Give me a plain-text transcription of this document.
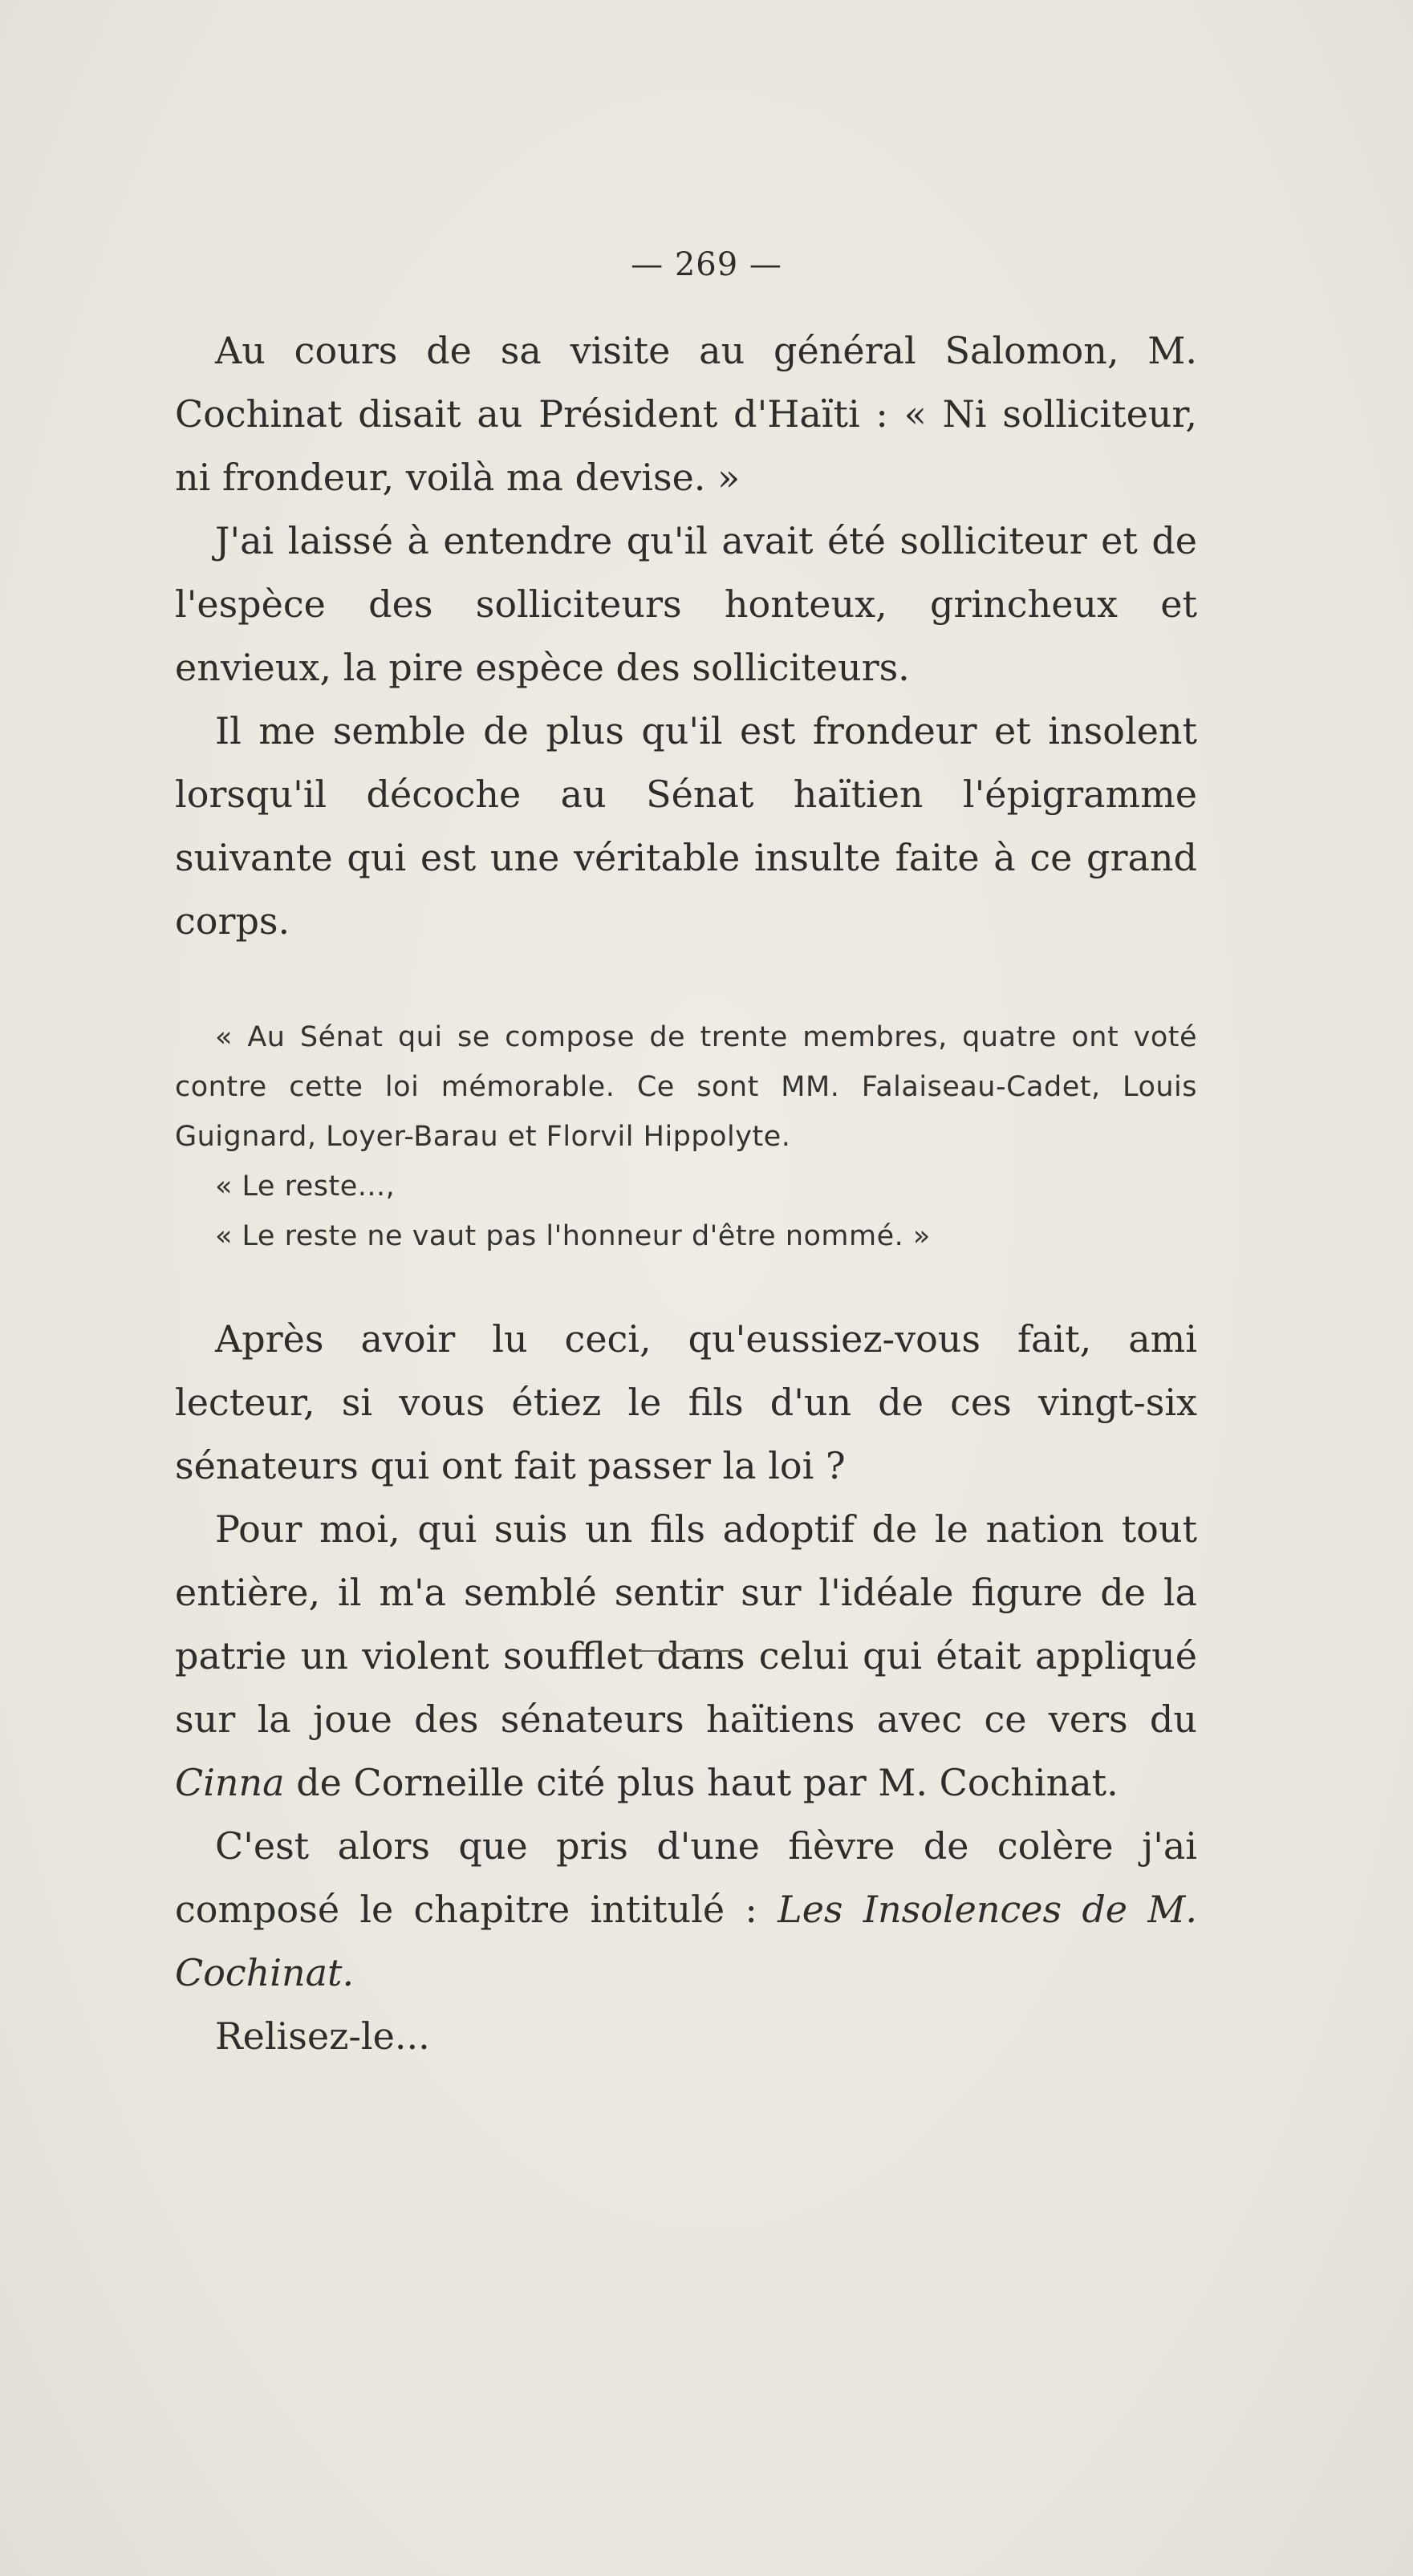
— 269 —

Au cours de sa visite au général Salomon, M. Cochinat disait au Président d'Haïti : « Ni solliciteur, ni frondeur, voilà ma devise. »

J'ai laissé à entendre qu'il avait été solliciteur et de l'espèce des solliciteurs honteux, grincheux et envieux, la pire espèce des solliciteurs.

Il me semble de plus qu'il est frondeur et insolent lorsqu'il décoche au Sénat haïtien l'épigramme suivante qui est une véritable insulte faite à ce grand corps.

« Au Sénat qui se compose de trente membres, quatre ont voté contre cette loi mémorable. Ce sont MM. Falaiseau-Cadet, Louis Guignard, Loyer-Barau et Florvil Hippolyte.

« Le reste...,

« Le reste ne vaut pas l'honneur d'être nommé. »

Après avoir lu ceci, qu'eussiez-vous fait, ami lecteur, si vous étiez le fils d'un de ces vingt-six sénateurs qui ont fait passer la loi ?

Pour moi, qui suis un fils adoptif de le nation tout entière, il m'a semblé sentir sur l'idéale figure de la patrie un violent soufflet dans celui qui était appliqué sur la joue des sénateurs haïtiens avec ce vers du Cinna de Corneille cité plus haut par M. Cochinat.

C'est alors que pris d'une fièvre de colère j'ai composé le chapitre intitulé : Les Insolences de M. Cochinat.

Relisez-le...
